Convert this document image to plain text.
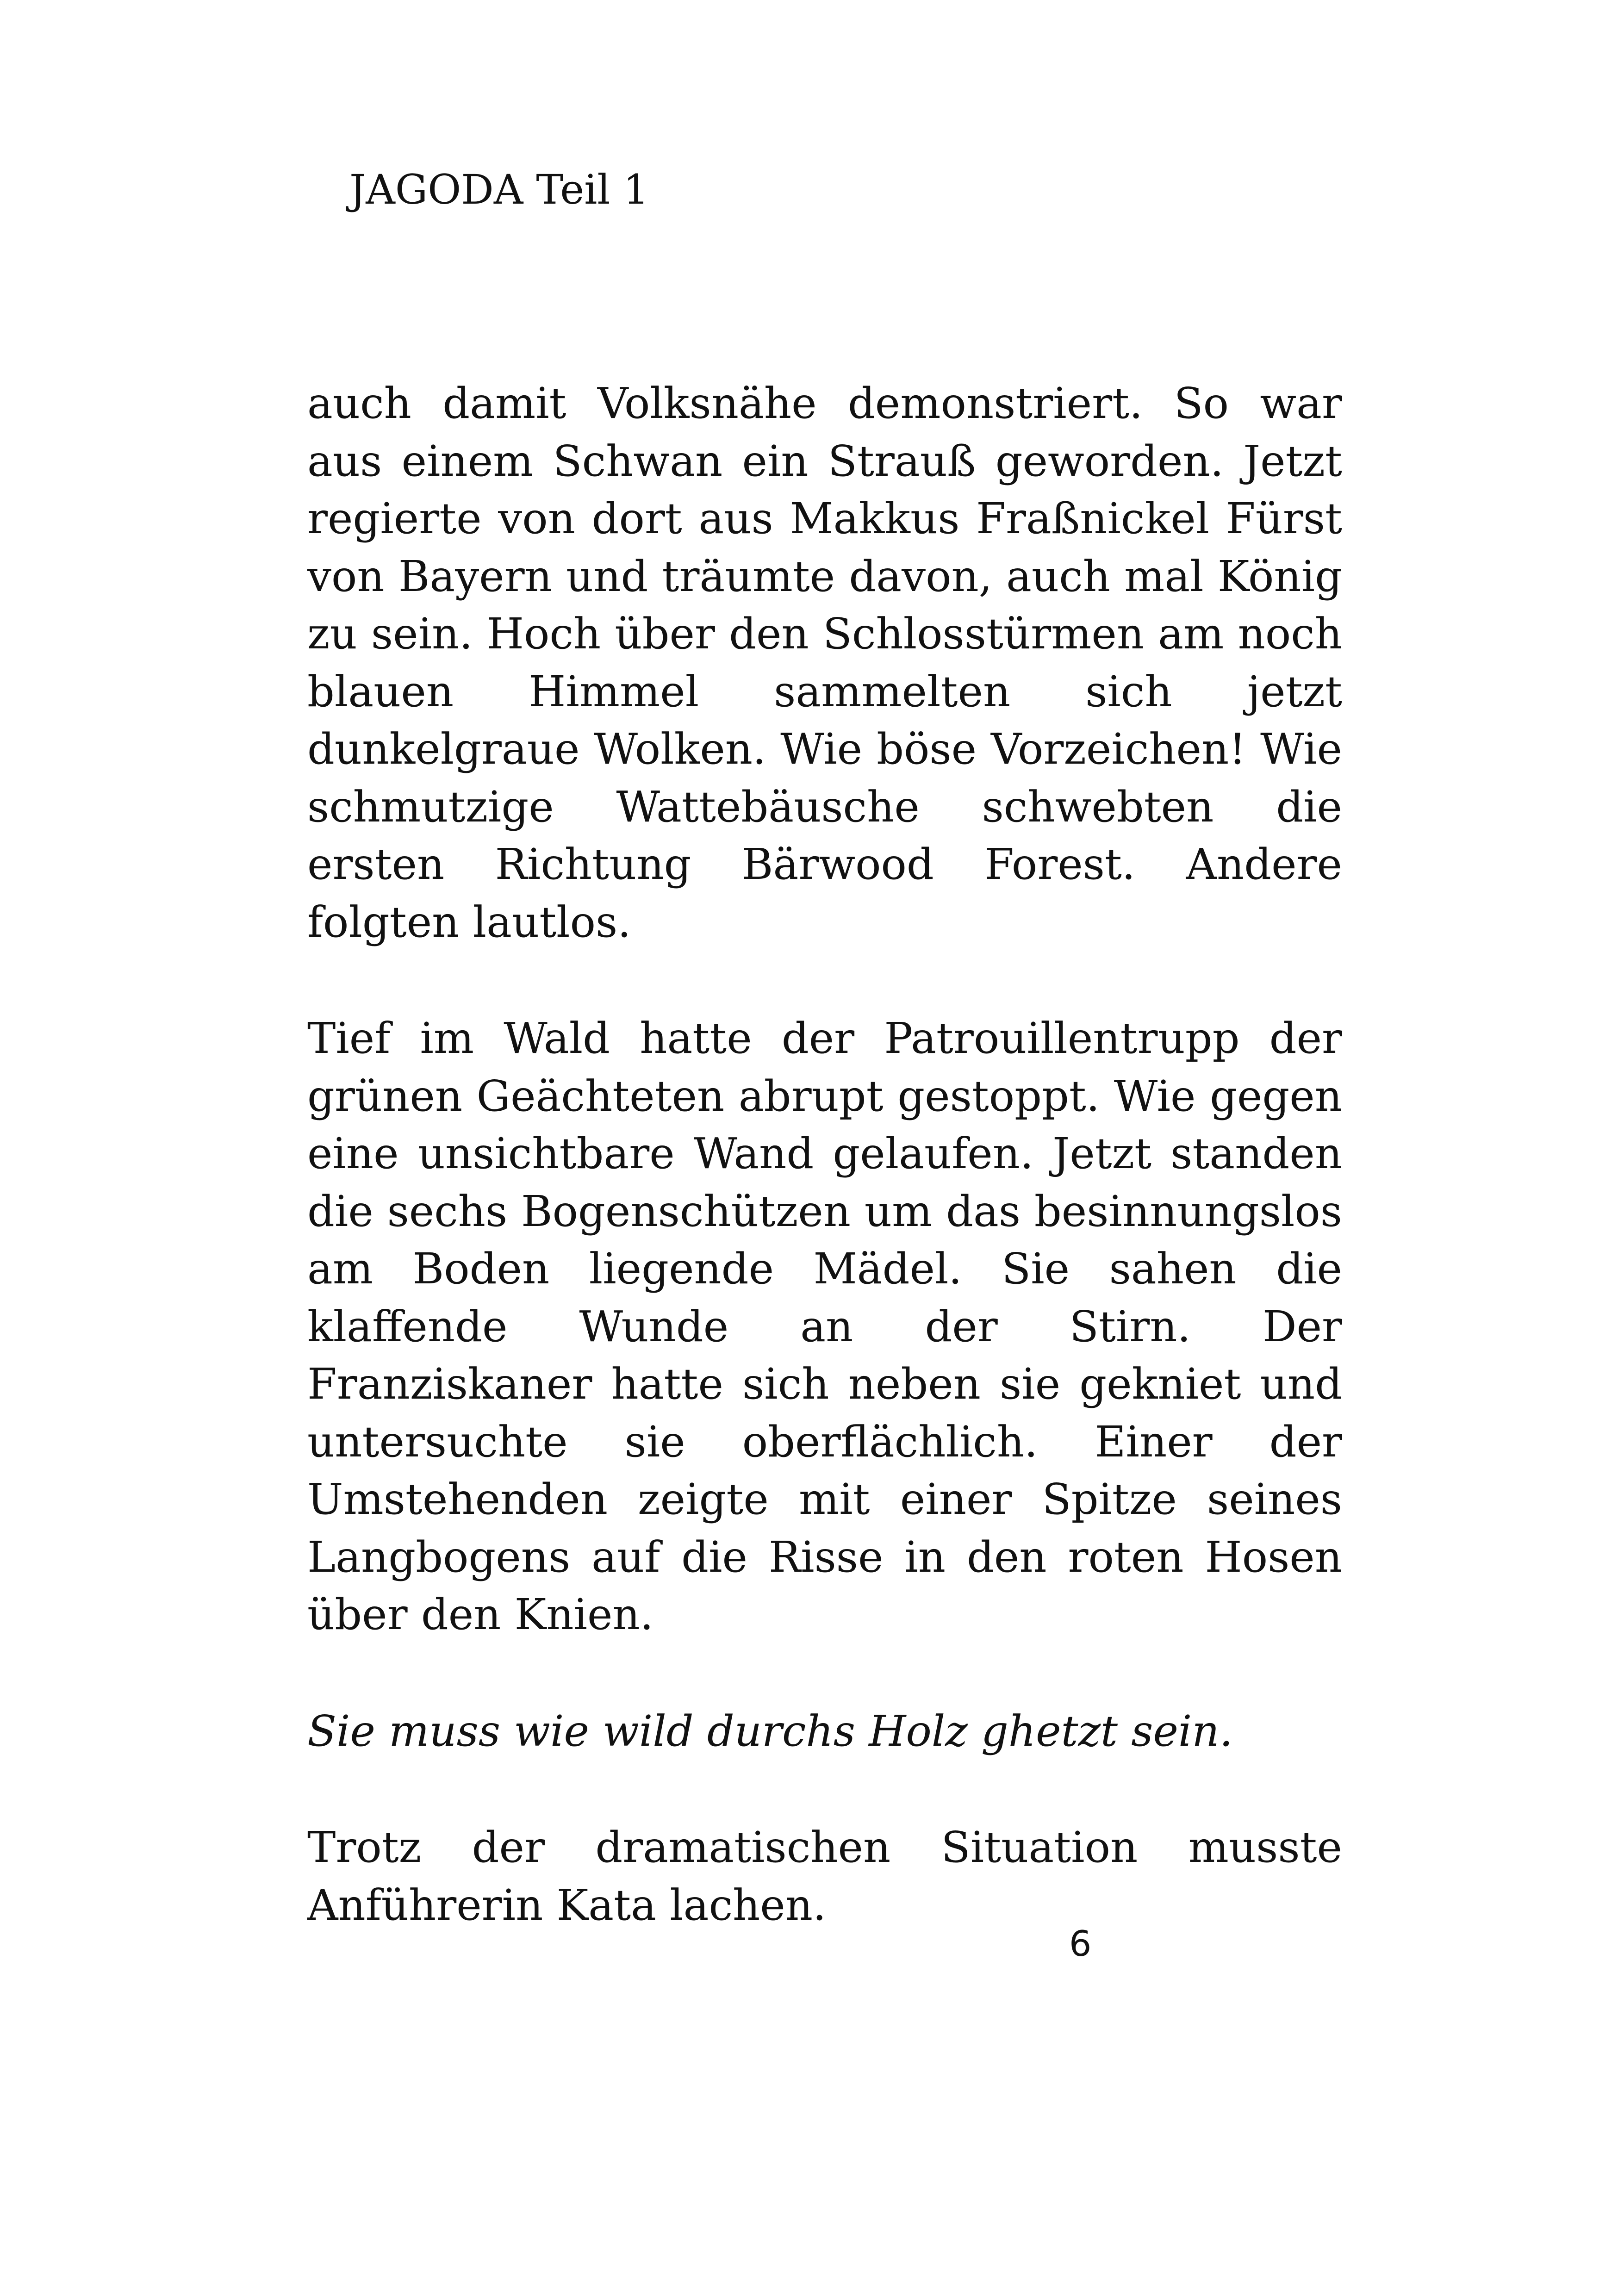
JAGODA Teil 1

auch damit Volksnähe demonstriert. So war aus einem Schwan ein Strauß geworden. Jetzt regierte von dort aus Makkus Fraßnickel Fürst von Bayern und träumte davon, auch mal König zu sein. Hoch über den Schlosstürmen am noch blauen Himmel sammelten sich jetzt dunkelgraue Wolken. Wie böse Vorzeichen! Wie schmutzige Wattebäusche schwebten die ersten Richtung Bärwood Forest. Andere folgten lautlos.

Tief im Wald hatte der Patrouillentrupp der grünen Geächteten abrupt gestoppt. Wie gegen eine unsichtbare Wand gelaufen. Jetzt standen die sechs Bogenschützen um das besinnungslos am Boden liegende Mädel. Sie sahen die klaffende Wunde an der Stirn. Der Franziskaner hatte sich neben sie gekniet und untersuchte sie oberflächlich. Einer der Umstehenden zeigte mit einer Spitze seines Langbogens auf die Risse in den roten Hosen über den Knien.

Sie muss wie wild durchs Holz ghetzt sein.

Trotz der dramatischen Situation musste Anführerin Kata lachen.

6
